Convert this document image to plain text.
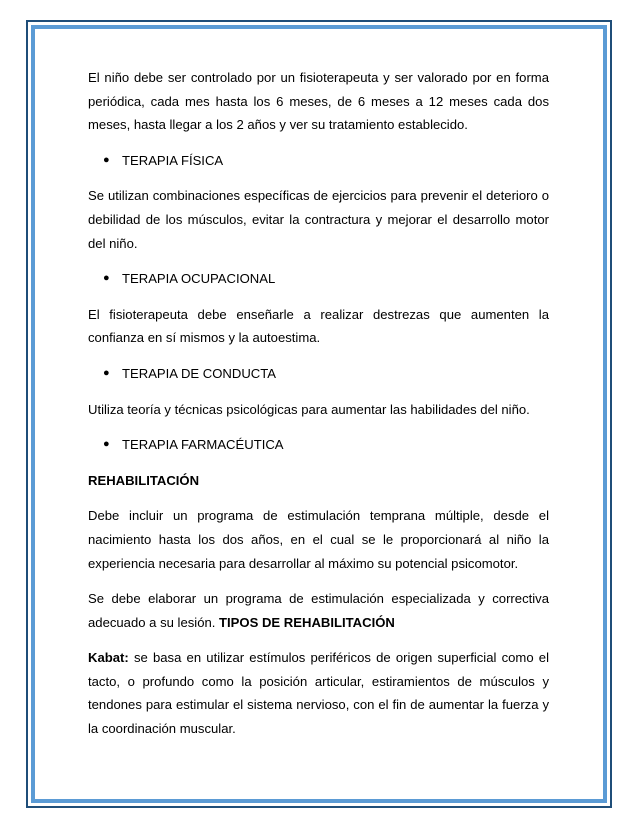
El niño debe ser controlado por un fisioterapeuta y ser valorado por en forma periódica, cada mes hasta los 6 meses, de 6 meses a 12 meses cada dos meses, hasta llegar a los 2 años y ver su tratamiento establecido.

● TERAPIA FÍSICA

Se utilizan combinaciones específicas de ejercicios para prevenir el deterioro o debilidad de los músculos, evitar la contractura y mejorar el desarrollo motor del niño.

● TERAPIA OCUPACIONAL

El fisioterapeuta debe enseñarle a realizar destrezas que aumenten la confianza en sí mismos y la autoestima.

● TERAPIA DE CONDUCTA

Utiliza teoría y técnicas psicológicas para aumentar las habilidades del niño.

● TERAPIA FARMACÉUTICA

REHABILITACIÓN

Debe incluir un programa de estimulación temprana múltiple, desde el nacimiento hasta los dos años, en el cual se le proporcionará al niño la experiencia necesaria para desarrollar al máximo su potencial psicomotor.

Se debe elaborar un programa de estimulación especializada y correctiva adecuado a su lesión. TIPOS DE REHABILITACIÓN

Kabat: se basa en utilizar estímulos periféricos de origen superficial como el tacto, o profundo como la posición articular, estiramientos de músculos y tendones para estimular el sistema nervioso, con el fin de aumentar la fuerza y la coordinación muscular.
